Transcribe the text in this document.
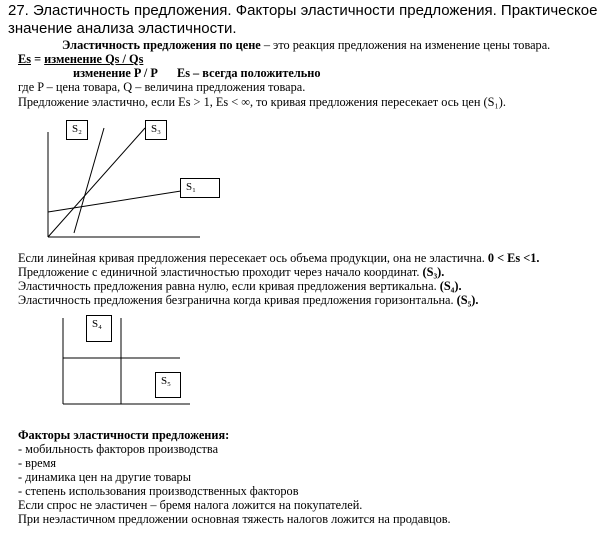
27. Эластичность предложения. Факторы эластичности предложения. Практическое
значение анализа эластичности.
Эластичность предложения по цене – это реакция предложения на изменение цены товара.
Es = изменение Qs / Qs
изменение P / P Es – всегда положительно
где P – цена товара, Q – величина предложения товара.
Предложение эластично, если Es > 1, Es < ∞, то кривая предложения пересекает ось цен (S₁).
S₂	S₃
S₁
Если линейная кривая предложения пересекает ось объема продукции, она не эластична. 0 < Es <1.
Предложение с единичной эластичностью проходит через начало координат. (S₃).
Эластичность предложения равна нулю, если кривая предложения вертикальна. (S₄).
Эластичность предложения безгранична когда кривая предложения горизонтальна. (S₅).
S₄
S₅
Факторы эластичности предложения:
- мобильность факторов производства
- время
- динамика цен на другие товары
- степень использования производственных факторов
Если спрос не эластичен – бремя налога ложится на покупателей.
При неэластичном предложении основная тяжесть налогов ложится на продавцов.
